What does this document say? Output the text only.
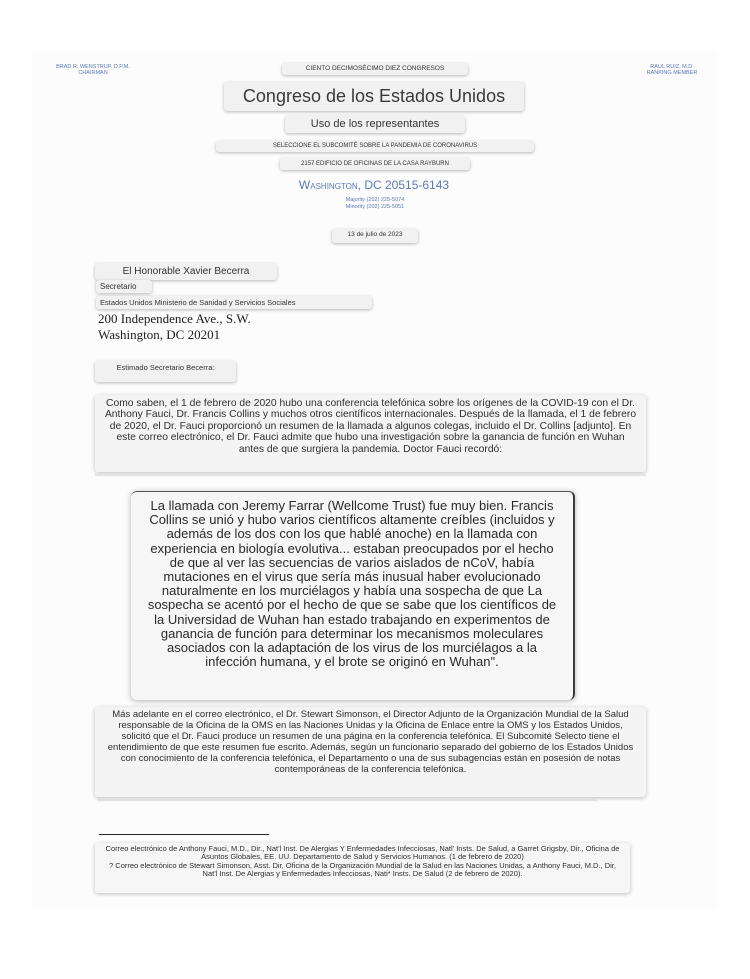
BRAD R. WENSTRUP, D.P.M.
CHAIRMAN
RAUL RUIZ, M.D.
RANKING MEMBER
CIENTO DECIMOSÉCIMO DIEZ CONGRESOS
Congreso de los Estados Unidos
Uso de los representantes
SELECCIONE EL SUBCOMITÉ SOBRE LA PANDEMIA DE CORONAVIRUS
2157 EDIFICIO DE OFICINAS DE LA CASA RAYBURN
Washington, DC 20515-6143
Majority (202) 225-5074
Minority (202) 225-5051
13 de julio de 2023
El Honorable Xavier Becerra
Secretario
Estados Unidos Ministerio de Sanidad y Servicios Sociales
200 Independence Ave., S.W.
Washington, DC 20201
Estimado Secretario Becerra:
Como saben, el 1 de febrero de 2020 hubo una conferencia telefónica sobre los orígenes de la COVID-19 con el Dr. Anthony Fauci, Dr. Francis Collins y muchos otros científicos internacionales. Después de la llamada, el 1 de febrero de 2020, el Dr. Fauci proporcionó un resumen de la llamada a algunos colegas, incluido el Dr. Collins [adjunto]. En este correo electrónico, el Dr. Fauci admite que hubo una investigación sobre la ganancia de función en Wuhan antes de que surgiera la pandemia. Doctor Fauci recordó:
La llamada con Jeremy Farrar (Wellcome Trust) fue muy bien. Francis Collins se unió y hubo varios científicos altamente creíbles (incluidos y además de los dos con los que hablé anoche) en la llamada con experiencia en biología evolutiva... estaban preocupados por el hecho de que al ver las secuencias de varios aislados de nCoV, había mutaciones en el virus que sería más inusual haber evolucionado naturalmente en los murciélagos y había una sospecha de que La sospecha se acentó por el hecho de que se sabe que los científicos de la Universidad de Wuhan han estado trabajando en experimentos de ganancia de función para determinar los mecanismos moleculares asociados con la adaptación de los virus de los murciélagos a la infección humana, y el brote se originó en Wuhan".
Más adelante en el correo electrónico, el Dr. Stewart Simonson, el Director Adjunto de la Organización Mundial de la Salud responsable de la Oficina de la OMS en las Naciones Unidas y la Oficina de Enlace entre la OMS y los Estados Unidos, solicitó que el Dr. Fauci produce un resumen de una página en la conferencia telefónica. El Subcomité Selecto tiene el entendimiento de que este resumen fue escrito. Además, según un funcionario separado del gobierno de los Estados Unidos con conocimiento de la conferencia telefónica, el Departamento o una de sus subagencias están en posesión de notas contemporáneas de la conferencia telefónica.
Correo electrónico de Anthony Fauci, M.D., Dir., Nat'l Inst. De Alergias Y Enfermedades Infecciosas, Natl' Insts. De Salud, a Garret Grigsby, Dir., Oficina de Asuntos Globales, EE. UU. Departamento de Salud y Servicios Humanos. (1 de febrero de 2020)
? Correo electrónico de Stewart Simonson, Asst. Dir, Oficina de la Organización Mundial de la Salud en las Naciones Unidas, a Anthony Fauci, M.D., Dir, Nat'l Inst. De Alergias y Enfermedades Infecciosas, Nati* Insts. De Salud (2 de febrero de 2020).
